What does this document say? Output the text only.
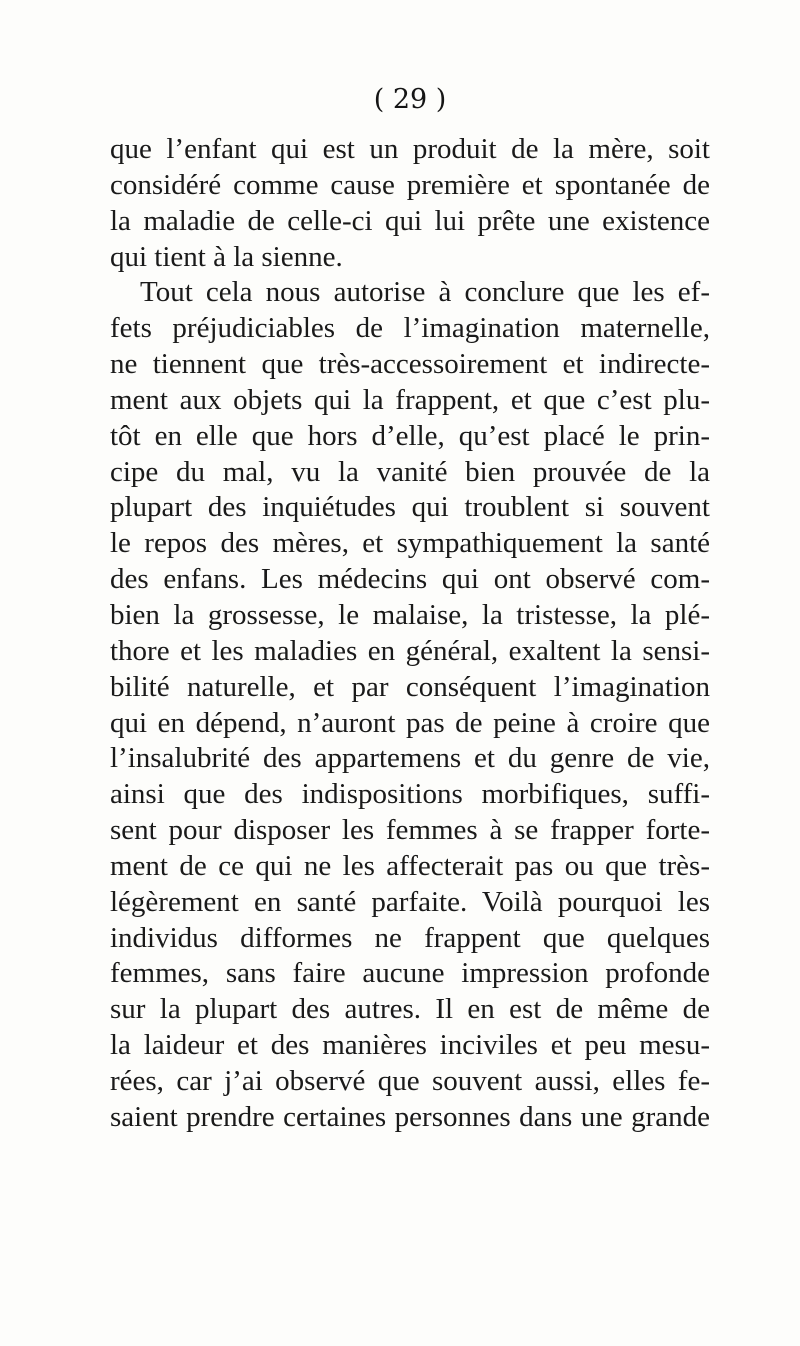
( 29 )
que l’enfant qui est un produit de la mère, soit
considéré comme cause première et spontanée de
la maladie de celle-ci qui lui prête une existence
qui tient à la sienne.
Tout cela nous autorise à conclure que les ef-
fets préjudiciables de l’imagination maternelle,
ne tiennent que très-accessoirement et indirecte-
ment aux objets qui la frappent, et que c’est plu-
tôt en elle que hors d’elle, qu’est placé le prin-
cipe du mal, vu la vanité bien prouvée de la
plupart des inquiétudes qui troublent si souvent
le repos des mères, et sympathiquement la santé
des enfans. Les médecins qui ont observé com-
bien la grossesse, le malaise, la tristesse, la plé-
thore et les maladies en général, exaltent la sensi-
bilité naturelle, et par conséquent l’imagination
qui en dépend, n’auront pas de peine à croire que
l’insalubrité des appartemens et du genre de vie,
ainsi que des indispositions morbifiques, suffi-
sent pour disposer les femmes à se frapper forte-
ment de ce qui ne les affecterait pas ou que très-
légèrement en santé parfaite. Voilà pourquoi les
individus difformes ne frappent que quelques
femmes, sans faire aucune impression profonde
sur la plupart des autres. Il en est de même de
la laideur et des manières inciviles et peu mesu-
rées, car j’ai observé que souvent aussi, elles fe-
saient prendre certaines personnes dans une grande
